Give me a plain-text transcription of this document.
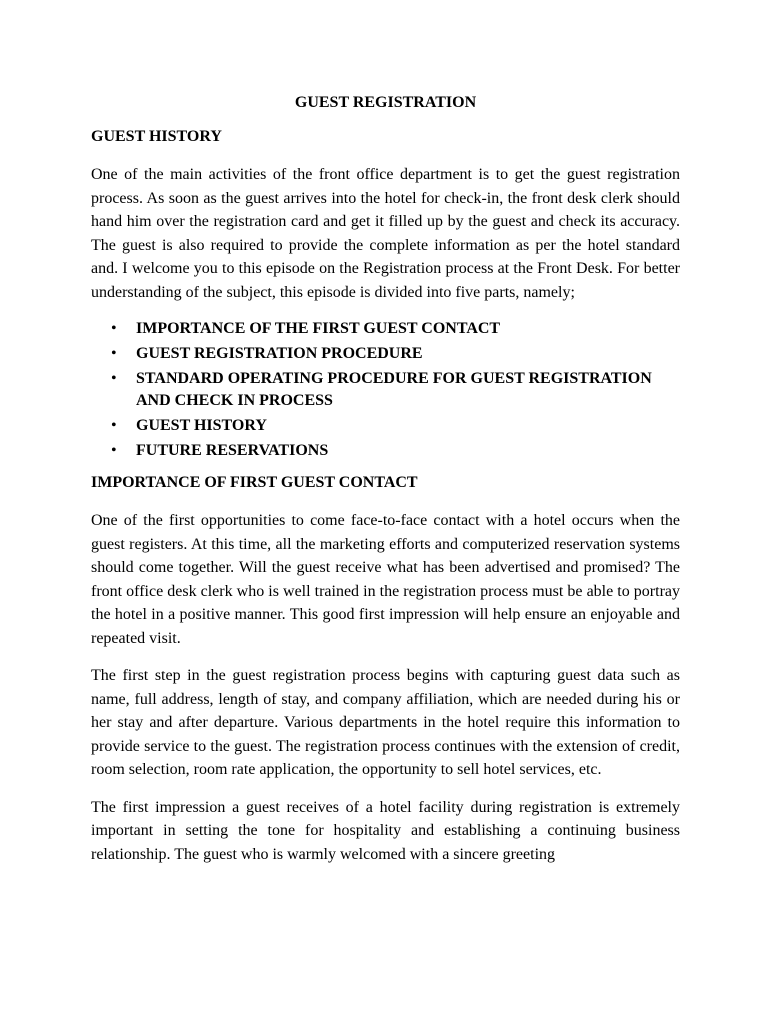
GUEST REGISTRATION
GUEST HISTORY

One of the main activities of the front office department is to get the guest registration process. As soon as the guest arrives into the hotel for check-in, the front desk clerk should hand him over the registration card and get it filled up by the guest and check its accuracy. The guest is also required to provide the complete information as per the hotel standard and. I welcome you to this episode on the Registration process at the Front Desk. For better understanding of the subject, this episode is divided into five parts, namely;

• IMPORTANCE OF THE FIRST GUEST CONTACT
• GUEST REGISTRATION PROCEDURE
• STANDARD OPERATING PROCEDURE FOR GUEST REGISTRATION AND CHECK IN PROCESS
• GUEST HISTORY
• FUTURE RESERVATIONS
IMPORTANCE OF FIRST GUEST CONTACT

One of the first opportunities to come face-to-face contact with a hotel occurs when the guest registers. At this time, all the marketing efforts and computerized reservation systems should come together. Will the guest receive what has been advertised and promised? The front office desk clerk who is well trained in the registration process must be able to portray the hotel in a positive manner. This good first impression will help ensure an enjoyable and repeated visit.

The first step in the guest registration process begins with capturing guest data such as name, full address, length of stay, and company affiliation, which are needed during his or her stay and after departure. Various departments in the hotel require this information to provide service to the guest. The registration process continues with the extension of credit, room selection, room rate application, the opportunity to sell hotel services, etc.

The first impression a guest receives of a hotel facility during registration is extremely important in setting the tone for hospitality and establishing a continuing business relationship. The guest who is warmly welcomed with a sincere greeting
